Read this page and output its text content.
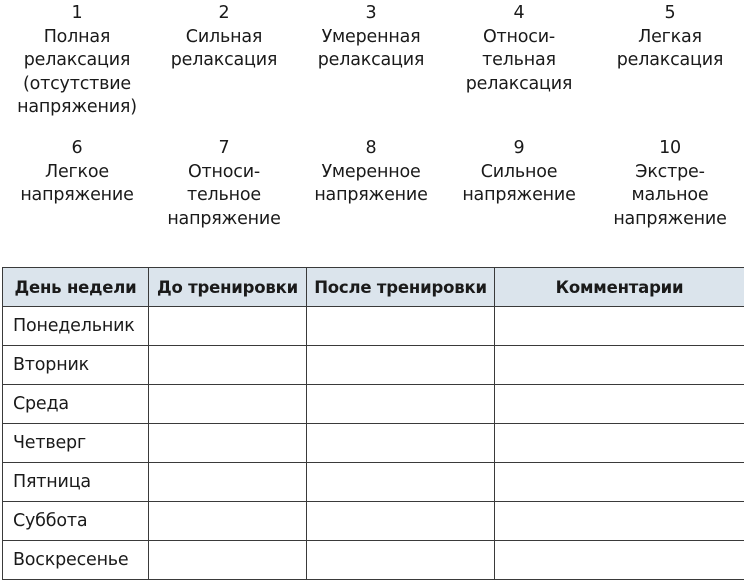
1
Полная
релаксация
(отсутствие
напряжения)
2
Сильная
релаксация
3
Умеренная
релаксация
4
Относи-
тельная
релаксация
5
Легкая
релаксация
6
Легкое
напряжение
7
Относи-
тельное
напряжение
8
Умеренное
напряжение
9
Сильное
напряжение
10
Экстре-
мальное
напряжение
День недели	До тренировки	После тренировки	Комментарии
Понедельник			
Вторник			
Среда			
Четверг			
Пятница			
Суббота			
Воскресенье			
